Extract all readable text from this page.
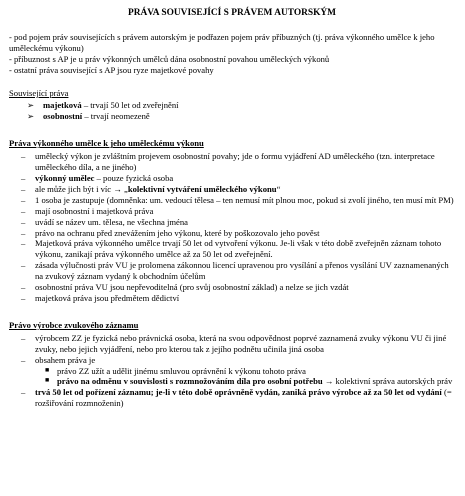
PRÁVA SOUVISEJÍCÍ S PRÁVEM AUTORSKÝM

- pod pojem práv souvisejících s právem autorským je podřazen pojem práv příbuzných (tj. práva výkonného umělce k jeho uměleckému výkonu)

- příbuznost s AP je u práv výkonných umělců dána osobnostní povahou uměleckých výkonů

- ostatní práva související s AP jsou ryze majetkové povahy

Související práva
➢	majetková – trvají 50 let od zveřejnění
➢	osobnostní – trvají neomezeně
Práva výkonného umělce k jeho uměleckému výkonu
–	umělecký výkon je zvláštním projevem osobnostní povahy; jde o formu vyjádření AD uměleckého (tzn. interpretace uměleckého díla, a ne jiného)
–	výkonný umělec – pouze fyzická osoba
–	ale může jich být i víc → „kolektivní vytváření uměleckého výkonu“
–	1 osoba je zastupuje (domněnka: um. vedoucí tělesa – ten nemusí mít plnou moc, pokud si zvolí jiného, ten musí mít PM)
–	mají osobnostní i majetková práva
–	uvádí se název um. tělesa, ne všechna jména
–	právo na ochranu před znevážením jeho výkonu, které by poškozovalo jeho pověst
–	Majetková práva výkonného umělce trvají 50 let od vytvoření výkonu. Je-li však v této době zveřejněn záznam tohoto výkonu, zanikají práva výkonného umělce až za 50 let od zveřejnění.
–	zásada výlučnosti práv VU je prolomena zákonnou licencí upravenou pro vysílání a přenos vysílání UV zaznamenaných na zvukový záznam vydaný k obchodním účelům
–	osobnostní práva VU jsou nepřevoditelná (pro svůj osobnostní základ) a nelze se jich vzdát
–	majetková práva jsou předmětem dědictví
Právo výrobce zvukového záznamu
–	výrobcem ZZ je fyzická nebo právnická osoba, která na svou odpovědnost poprvé zaznamená zvuky výkonu VU či jiné zvuky, nebo jejich vyjádření, nebo pro kterou tak z jejího podnětu učinila jiná osoba
–	obsahem práva je
■ právo ZZ užít a udělit jinému smluvou oprávnění k výkonu tohoto práva
■ právo na odměnu v souvislosti s rozmnožováním díla pro osobní potřebu → kolektivní správa autorských práv
–	trvá 50 let od pořízení záznamu; je-li v této době oprávněně vydán, zaniká právo výrobce až za 50 let od vydání (= rozšiřování rozmnoženin)
